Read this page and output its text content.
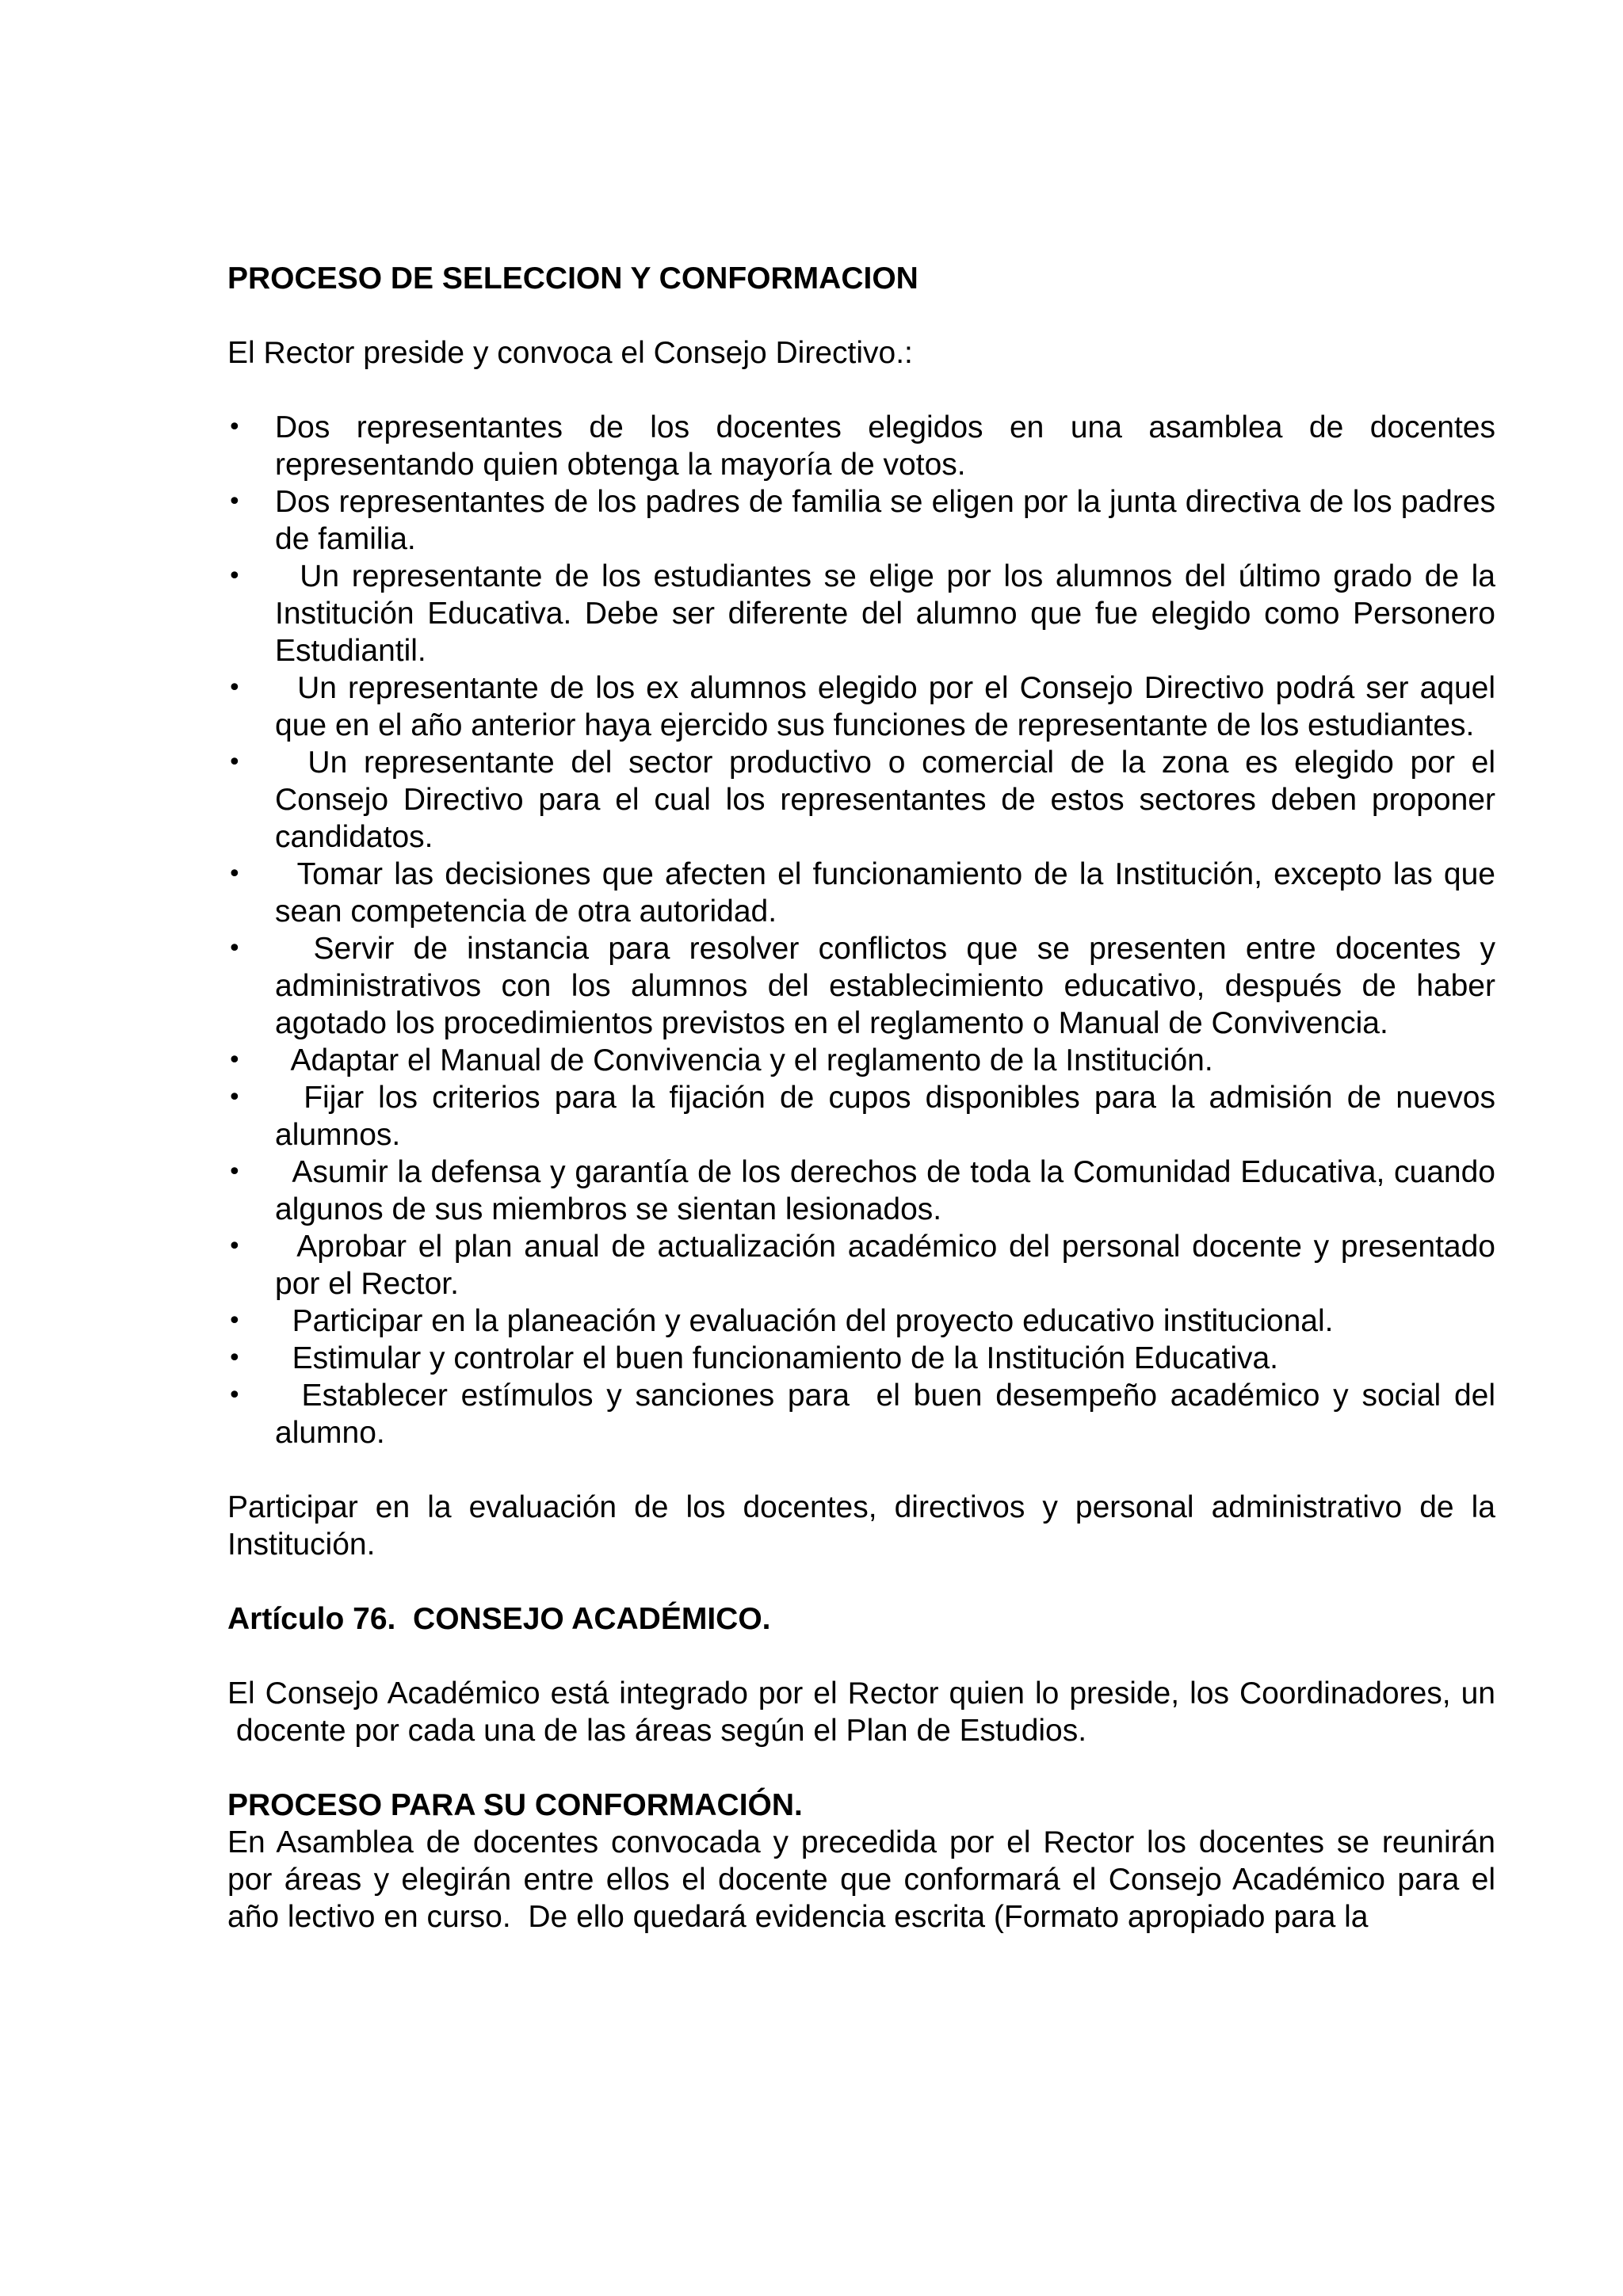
PROCESO DE SELECCION Y CONFORMACION

El Rector preside y convoca el Consejo Directivo.:

•	Dos representantes de los docentes elegidos en una asamblea de docentes representando quien obtenga la mayoría de votos.
•	Dos representantes de los padres de familia se eligen por la junta directiva de los padres de familia.
•	Un representante de los estudiantes se elige por los alumnos del último grado de la Institución Educativa. Debe ser diferente del alumno que fue elegido como Personero Estudiantil.
•	Un representante de los ex alumnos elegido por el Consejo Directivo podrá ser aquel que en el año anterior haya ejercido sus funciones de representante de los estudiantes.
•	Un representante del sector productivo o comercial de la zona es elegido por el Consejo Directivo para el cual los representantes de estos sectores deben proponer candidatos.
•	Tomar las decisiones que afecten el funcionamiento de la Institución, excepto las que sean competencia de otra autoridad.
•	Servir de instancia para resolver conflictos que se presenten entre docentes y administrativos con los alumnos del establecimiento educativo, después de haber agotado los procedimientos previstos en el reglamento o Manual de Convivencia.
•	Adaptar el Manual de Convivencia y el reglamento de la Institución.
•	Fijar los criterios para la fijación de cupos disponibles para la admisión de nuevos alumnos.
•	Asumir la defensa y garantía de los derechos de toda la Comunidad Educativa, cuando algunos de sus miembros se sientan lesionados.
•	Aprobar el plan anual de actualización académico del personal docente y presentado por el Rector.
•	Participar en la planeación y evaluación del proyecto educativo institucional.
•	Estimular y controlar el buen funcionamiento de la Institución Educativa.
•	Establecer estímulos y sanciones para  el buen desempeño académico y social del alumno.

Participar en la evaluación de los docentes, directivos y personal administrativo de la Institución.

Artículo 76.  CONSEJO ACADÉMICO.

El Consejo Académico está integrado por el Rector quien lo preside, los Coordinadores, un  docente por cada una de las áreas según el Plan de Estudios.

PROCESO PARA SU CONFORMACIÓN.

En Asamblea de docentes convocada y precedida por el Rector los docentes se reunirán por áreas y elegirán entre ellos el docente que conformará el Consejo Académico para el año lectivo en curso.  De ello quedará evidencia escrita (Formato apropiado para la
